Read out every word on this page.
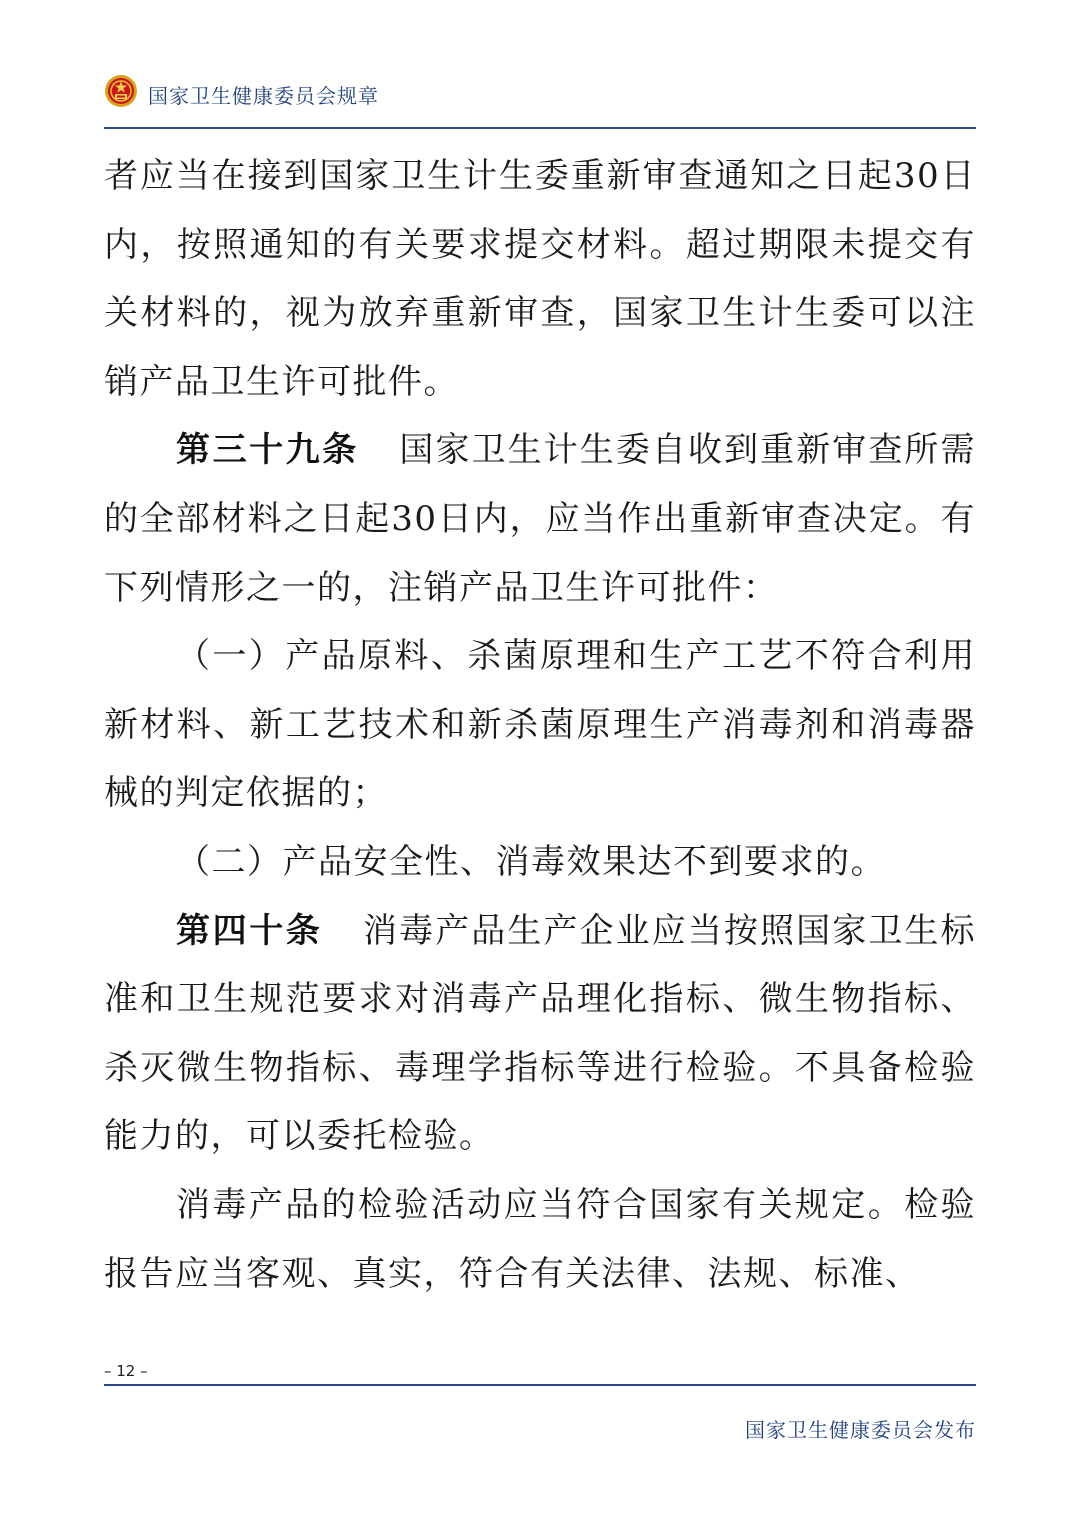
国家卫生健康委员会规章

者应当在接到国家卫生计生委重新审查通知之日起30日内，按照通知的有关要求提交材料。超过期限未提交有关材料的，视为放弃重新审查，国家卫生计生委可以注销产品卫生许可批件。

第三十九条 国家卫生计生委自收到重新审查所需的全部材料之日起30日内，应当作出重新审查决定。有下列情形之一的，注销产品卫生许可批件：

（一）产品原料、杀菌原理和生产工艺不符合利用新材料、新工艺技术和新杀菌原理生产消毒剂和消毒器械的判定依据的；

（二）产品安全性、消毒效果达不到要求的。

第四十条 消毒产品生产企业应当按照国家卫生标准和卫生规范要求对消毒产品理化指标、微生物指标、杀灭微生物指标、毒理学指标等进行检验。不具备检验能力的，可以委托检验。

消毒产品的检验活动应当符合国家有关规定。检验报告应当客观、真实，符合有关法律、法规、标准、

– 12 –
国家卫生健康委员会发布
